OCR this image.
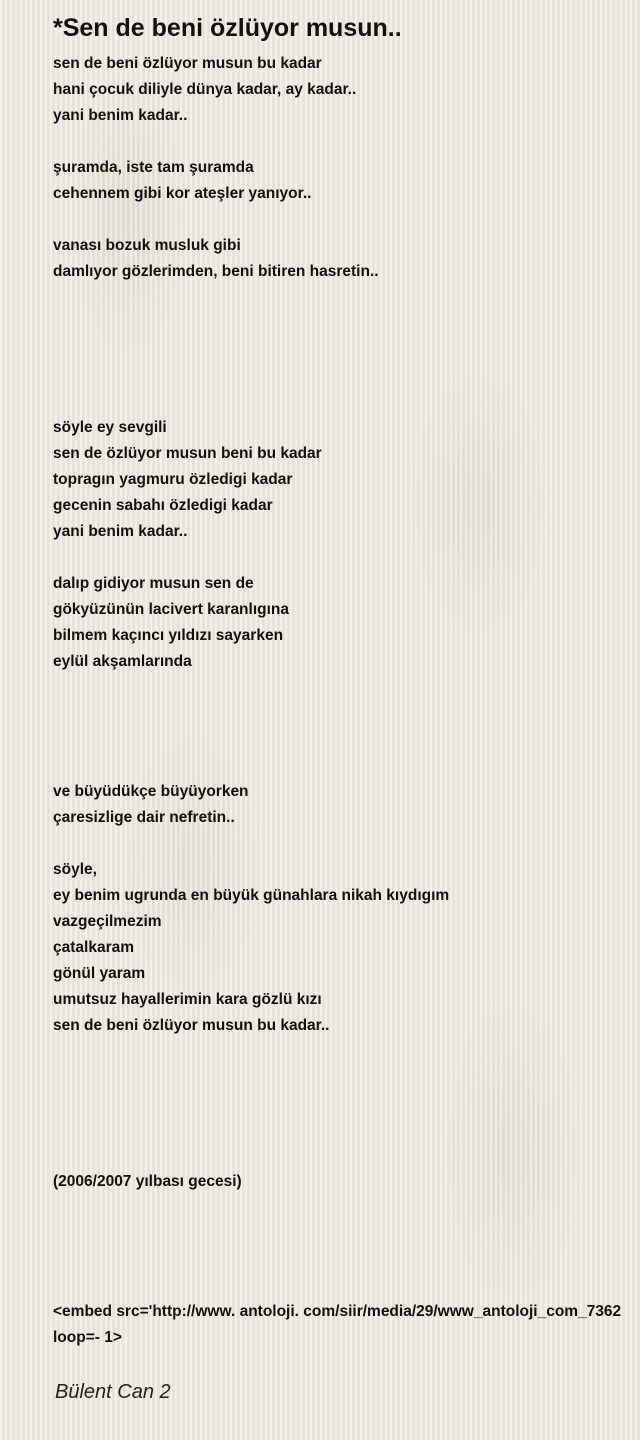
*Sen de beni özlüyor musun..
sen de beni özlüyor musun bu kadar
hani çocuk diliyle dünya kadar, ay kadar..
yani benim kadar..
şuramda, iste tam şuramda
cehennem gibi kor ateşler yanıyor..
vanası bozuk musluk gibi
damlıyor gözlerimden, beni bitiren hasretin..
söyle ey sevgili
sen de özlüyor musun beni bu kadar
topragın yagmuru özledigi kadar
gecenin sabahı özledigi kadar
yani benim kadar..
dalıp gidiyor musun sen de
gökyüzünün lacivert karanlıgına
bilmem kaçıncı yıldızı sayarken
eylül akşamlarında
ve büyüdükçe büyüyorken
çaresizlige dair nefretin..
söyle,
ey benim ugrunda en büyük günahlara nikah kıydıgım
vazgeçilmezim
çatalkaram
gönül yaram
umutsuz hayallerimin kara gözlü kızı
sen de beni özlüyor musun bu kadar..
(2006/2007 yılbası gecesi)
<embed src='http://www. antoloji. com/siir/media/29/www_antoloji_com_7362
loop=- 1>
Bülent Can 2
